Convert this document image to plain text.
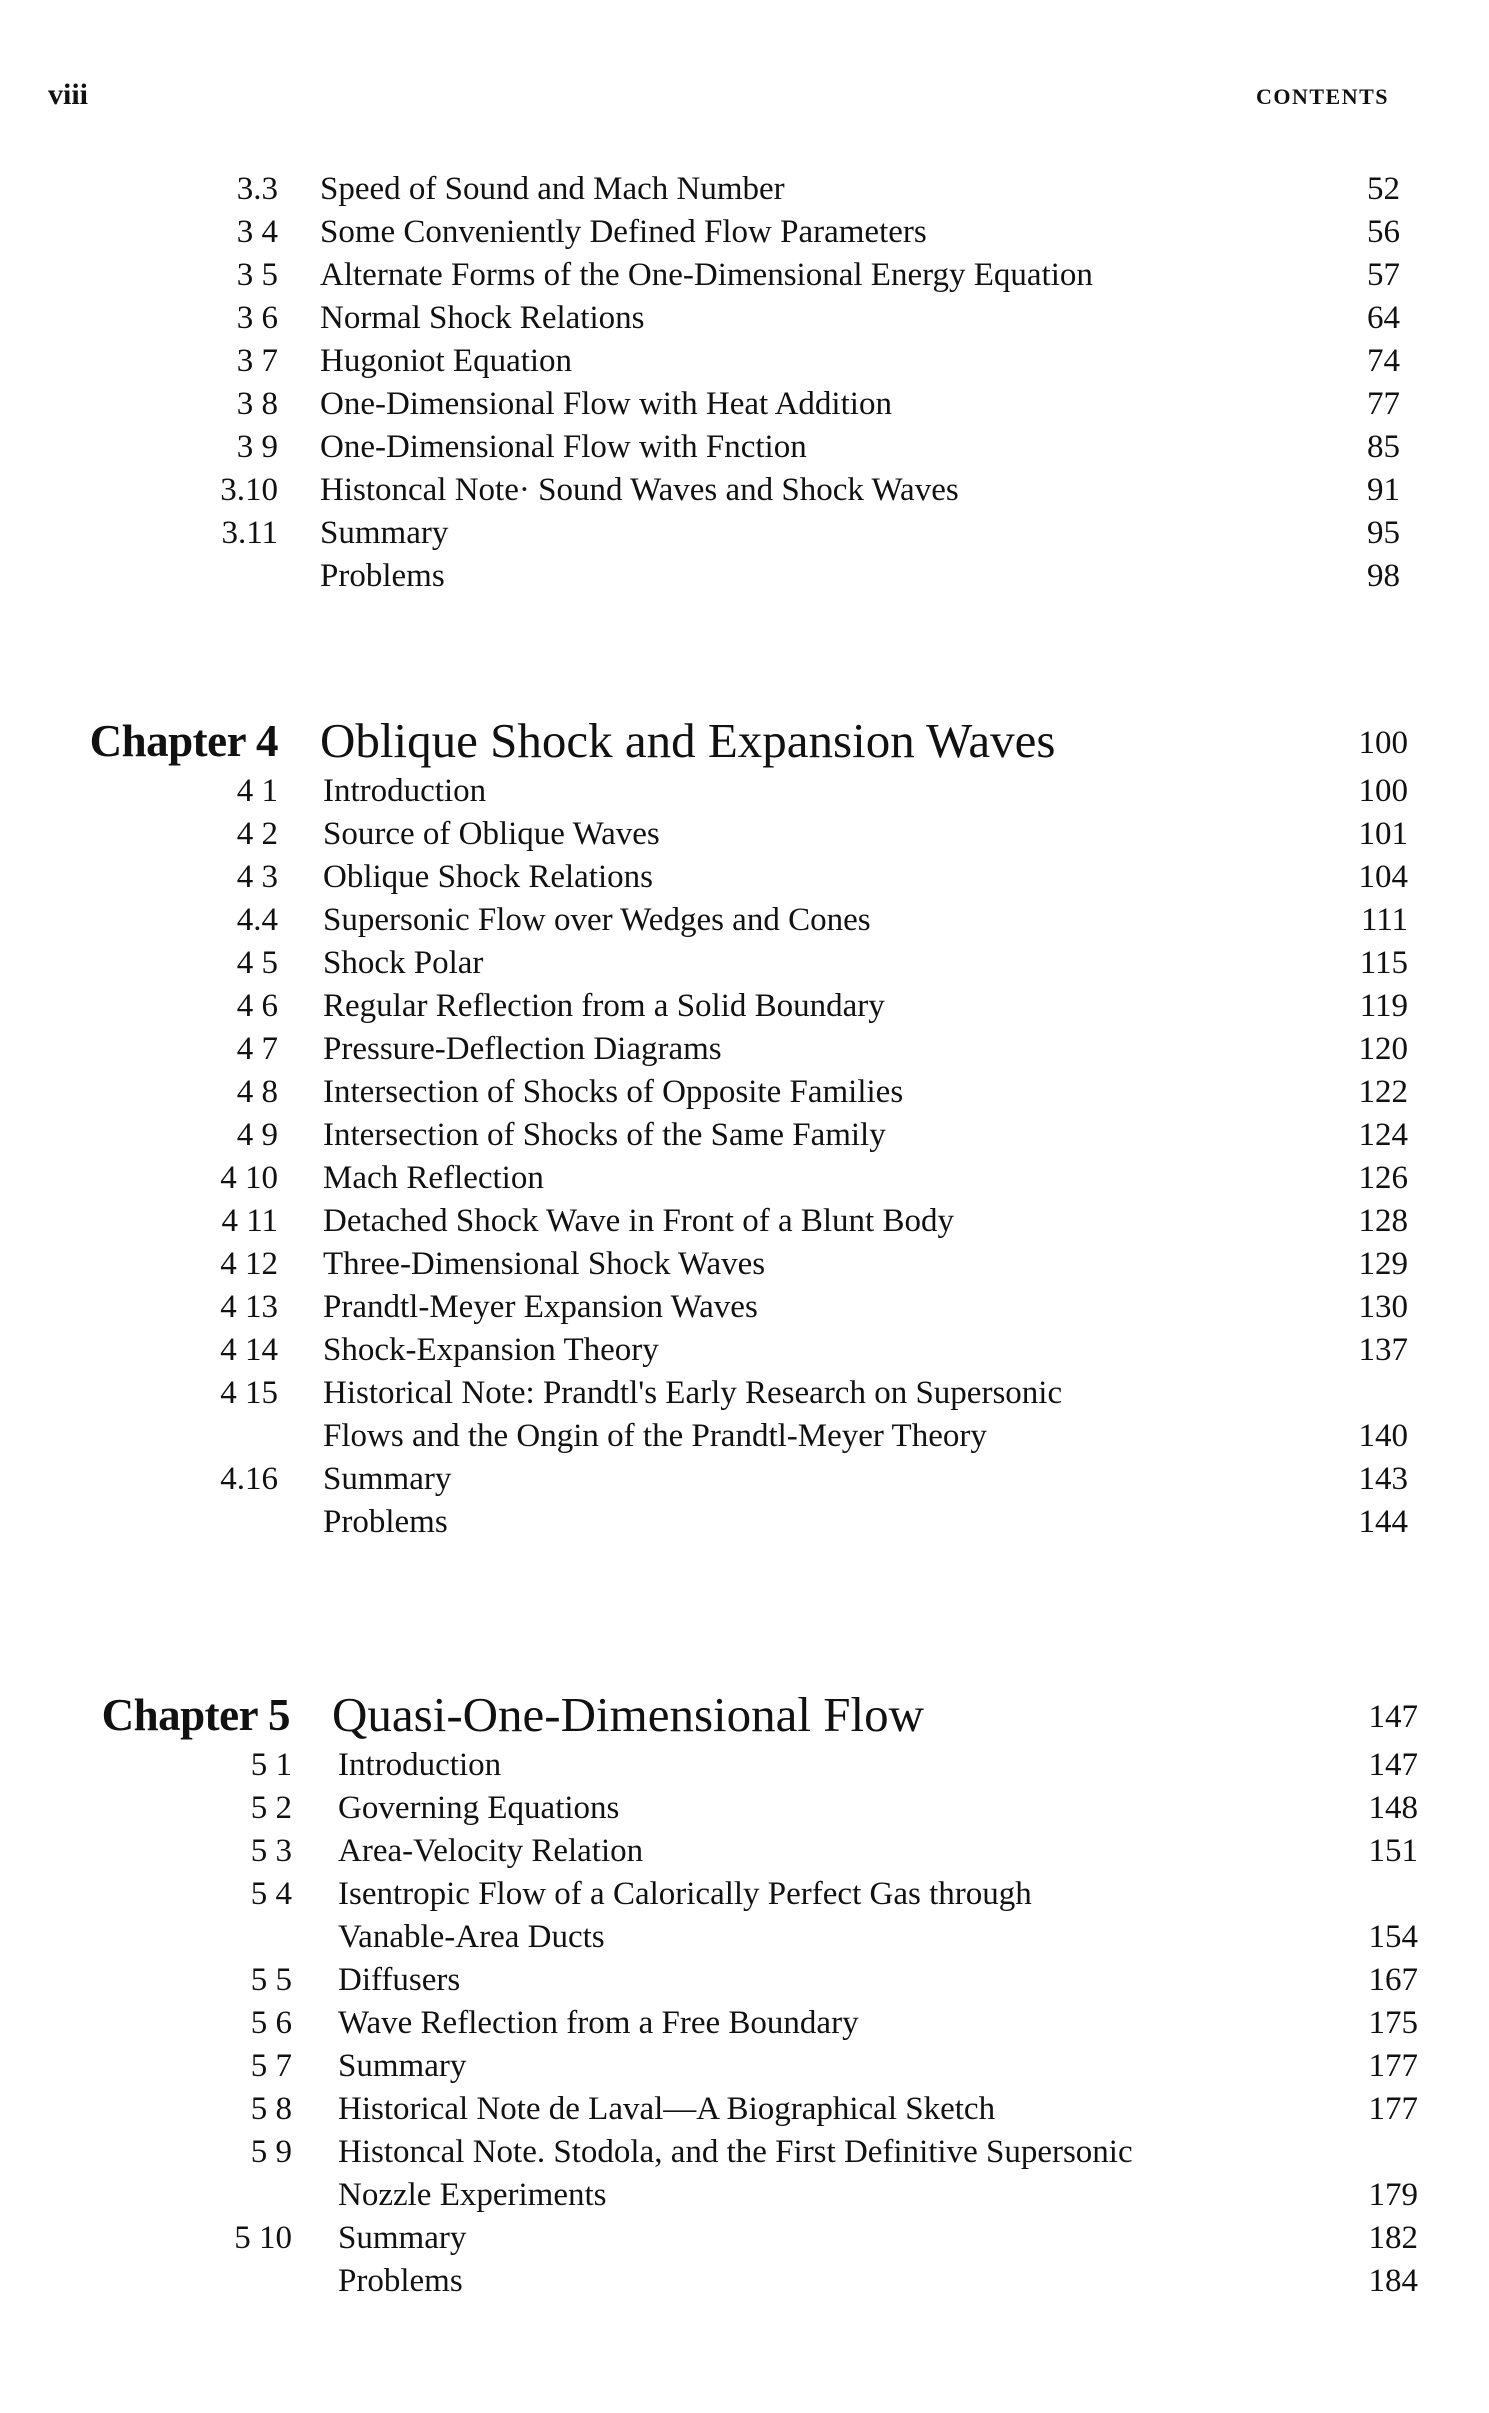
viii	CONTENTS
3.3 Speed of Sound and Mach Number	52
3 4 Some Conveniently Defined Flow Parameters	56
3 5 Alternate Forms of the One-Dimensional Energy Equation	57
3 6 Normal Shock Relations	64
3 7 Hugoniot Equation	74
3 8 One-Dimensional Flow with Heat Addition	77
3 9 One-Dimensional Flow with Fnction	85
3.10 Histoncal Note· Sound Waves and Shock Waves	91
3.11 Summary	95
Problems	98
Chapter 4 Oblique Shock and Expansion Waves	100
4 1 Introduction	100
4 2 Source of Oblique Waves	101
4 3 Oblique Shock Relations	104
4.4 Supersonic Flow over Wedges and Cones	111
4 5 Shock Polar	115
4 6 Regular Reflection from a Solid Boundary	119
4 7 Pressure-Deflection Diagrams	120
4 8 Intersection of Shocks of Opposite Families	122
4 9 Intersection of Shocks of the Same Family	124
4 10 Mach Reflection	126
4 11 Detached Shock Wave in Front of a Blunt Body	128
4 12 Three-Dimensional Shock Waves	129
4 13 Prandtl-Meyer Expansion Waves	130
4 14 Shock-Expansion Theory	137
4 15 Historical Note: Prandtl's Early Research on Supersonic
Flows and the Ongin of the Prandtl-Meyer Theory	140
4.16 Summary	143
Problems	144
Chapter 5 Quasi-One-Dimensional Flow	147
5 1 Introduction	147
5 2 Governing Equations	148
5 3 Area-Velocity Relation	151
5 4 Isentropic Flow of a Calorically Perfect Gas through
Vanable-Area Ducts	154
5 5 Diffusers	167
5 6 Wave Reflection from a Free Boundary	175
5 7 Summary	177
5 8 Historical Note de Laval—A Biographical Sketch	177
5 9 Histoncal Note. Stodola, and the First Definitive Supersonic
Nozzle Experiments	179
5 10 Summary	182
Problems	184
